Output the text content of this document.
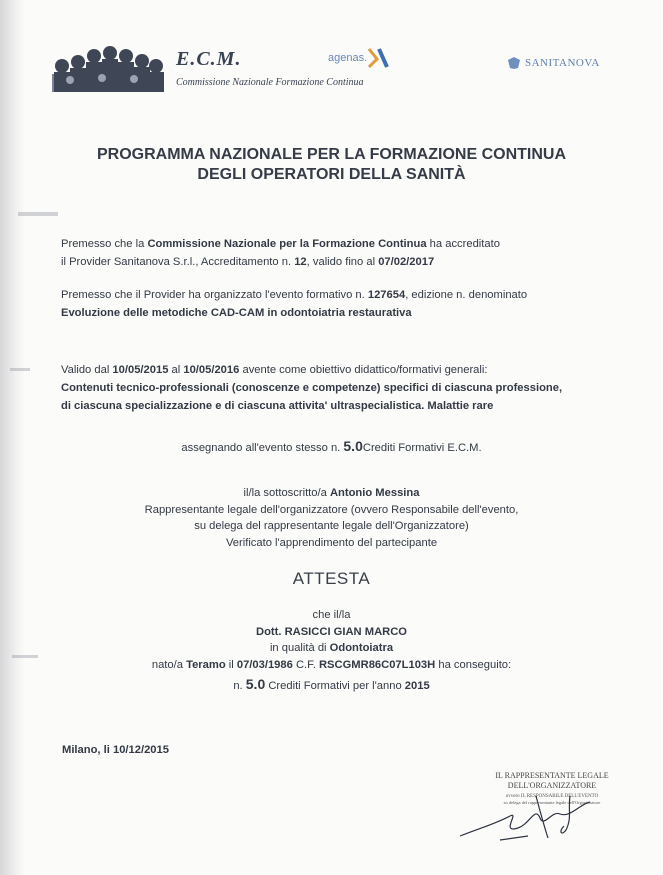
E.C.M.
Commissione Nazionale Formazione Continua
agenas.	SANITANOVA
PROGRAMMA NAZIONALE PER LA FORMAZIONE CONTINUA
DEGLI OPERATORI DELLA SANITÀ
Premesso che la Commissione Nazionale per la Formazione Continua ha accreditato
il Provider Sanitanova S.r.l., Accreditamento n. 12, valido fino al 07/02/2017
Premesso che il Provider ha organizzato l'evento formativo n. 127654, edizione n. denominato
Evoluzione delle metodiche CAD-CAM in odontoiatria restaurativa
Valido dal 10/05/2015 al 10/05/2016 avente come obiettivo didattico/formativi generali:
Contenuti tecnico-professionali (conoscenze e competenze) specifici di ciascuna professione,
di ciascuna specializzazione e di ciascuna attivita' ultraspecialistica. Malattie rare
assegnando all'evento stesso n. 5.0Crediti Formativi E.C.M.
il/la sottoscritto/a Antonio Messina
Rappresentante legale dell'organizzatore (ovvero Responsabile dell'evento,
su delega del rappresentante legale dell'Organizzatore)
Verificato l'apprendimento del partecipante
ATTESTA
che il/la
Dott. RASICCI GIAN MARCO
in qualità di Odontoiatra
nato/a Teramo il 07/03/1986 C.F. RSCGMR86C07L103H ha conseguito:
n. 5.0 Crediti Formativi per l'anno 2015
Milano, li 10/12/2015
IL RAPPRESENTANTE LEGALE
DELL'ORGANIZZATORE
ovvero IL RESPONSABILE DELL'EVENTO
su delega del rappresentante legale dell'Organizzatore
